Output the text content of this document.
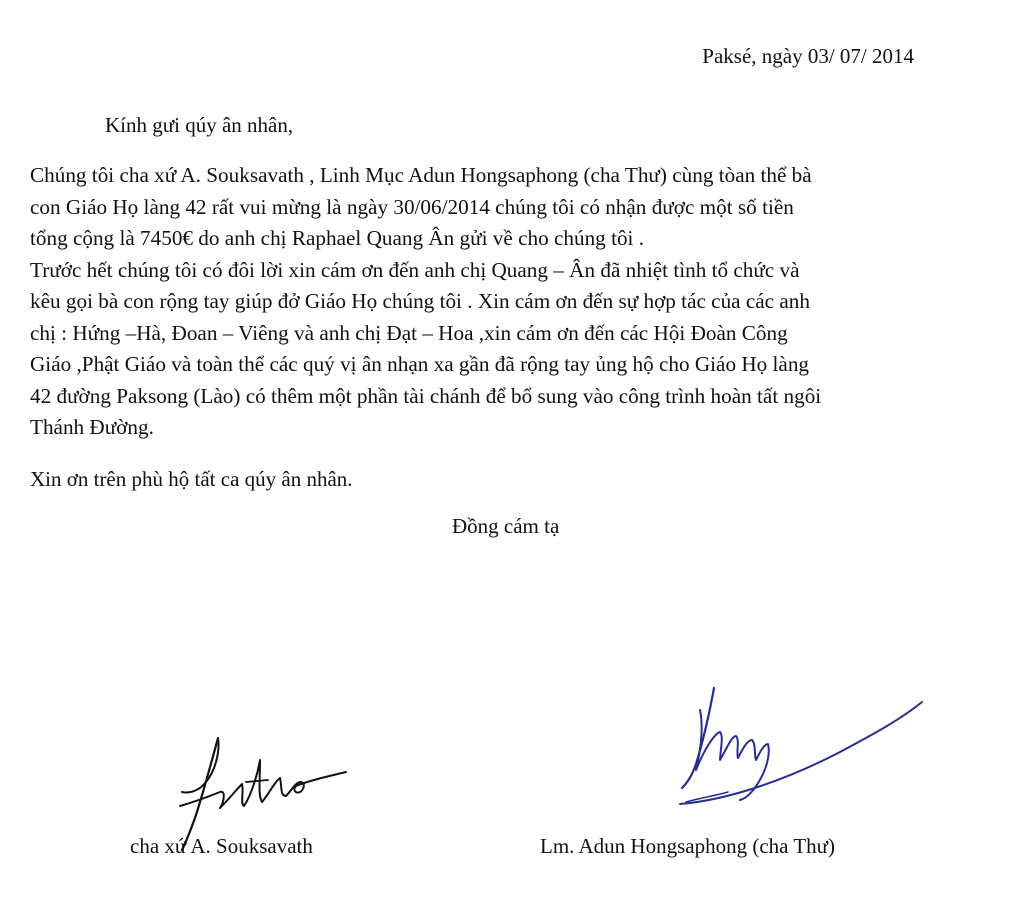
Paksé, ngày 03/ 07/ 2014
Kính gưi qúy ân nhân,
Chúng tôi cha xứ A. Souksavath , Linh Mục Adun Hongsaphong (cha Thư) cùng tòan thể bà
con Giáo Họ làng 42 rất vui mừng là ngày 30/06/2014 chúng tôi có nhận được một số tiền
tổng cộng là 7450€ do anh chị Raphael Quang Ân gửi về cho chúng tôi .
Trước hết chúng tôi có đôi lời xin cám ơn đến anh chị Quang – Ân đã nhiệt tình tổ chức và
kêu gọi bà con rộng tay giúp đở Giáo Họ chúng tôi . Xin cám ơn đến sự hợp tác của các anh
chị : Hứng –Hà, Đoan – Viêng và anh chị Đạt – Hoa ,xin cám ơn đến các Hội Đoàn Công
Giáo ,Phật Giáo và toàn thể các quý vị ân nhạn xa gần đã rộng tay ủng hộ cho Giáo Họ làng
42 đường Paksong (Lào) có thêm một phần tài chánh để bổ sung vào công trình hoàn tất ngôi
Thánh Đường.
Xin ơn trên phù hộ tất ca qúy ân nhân.
Đồng cám tạ
cha xứ A. Souksavath	Lm. Adun Hongsaphong (cha Thư)
